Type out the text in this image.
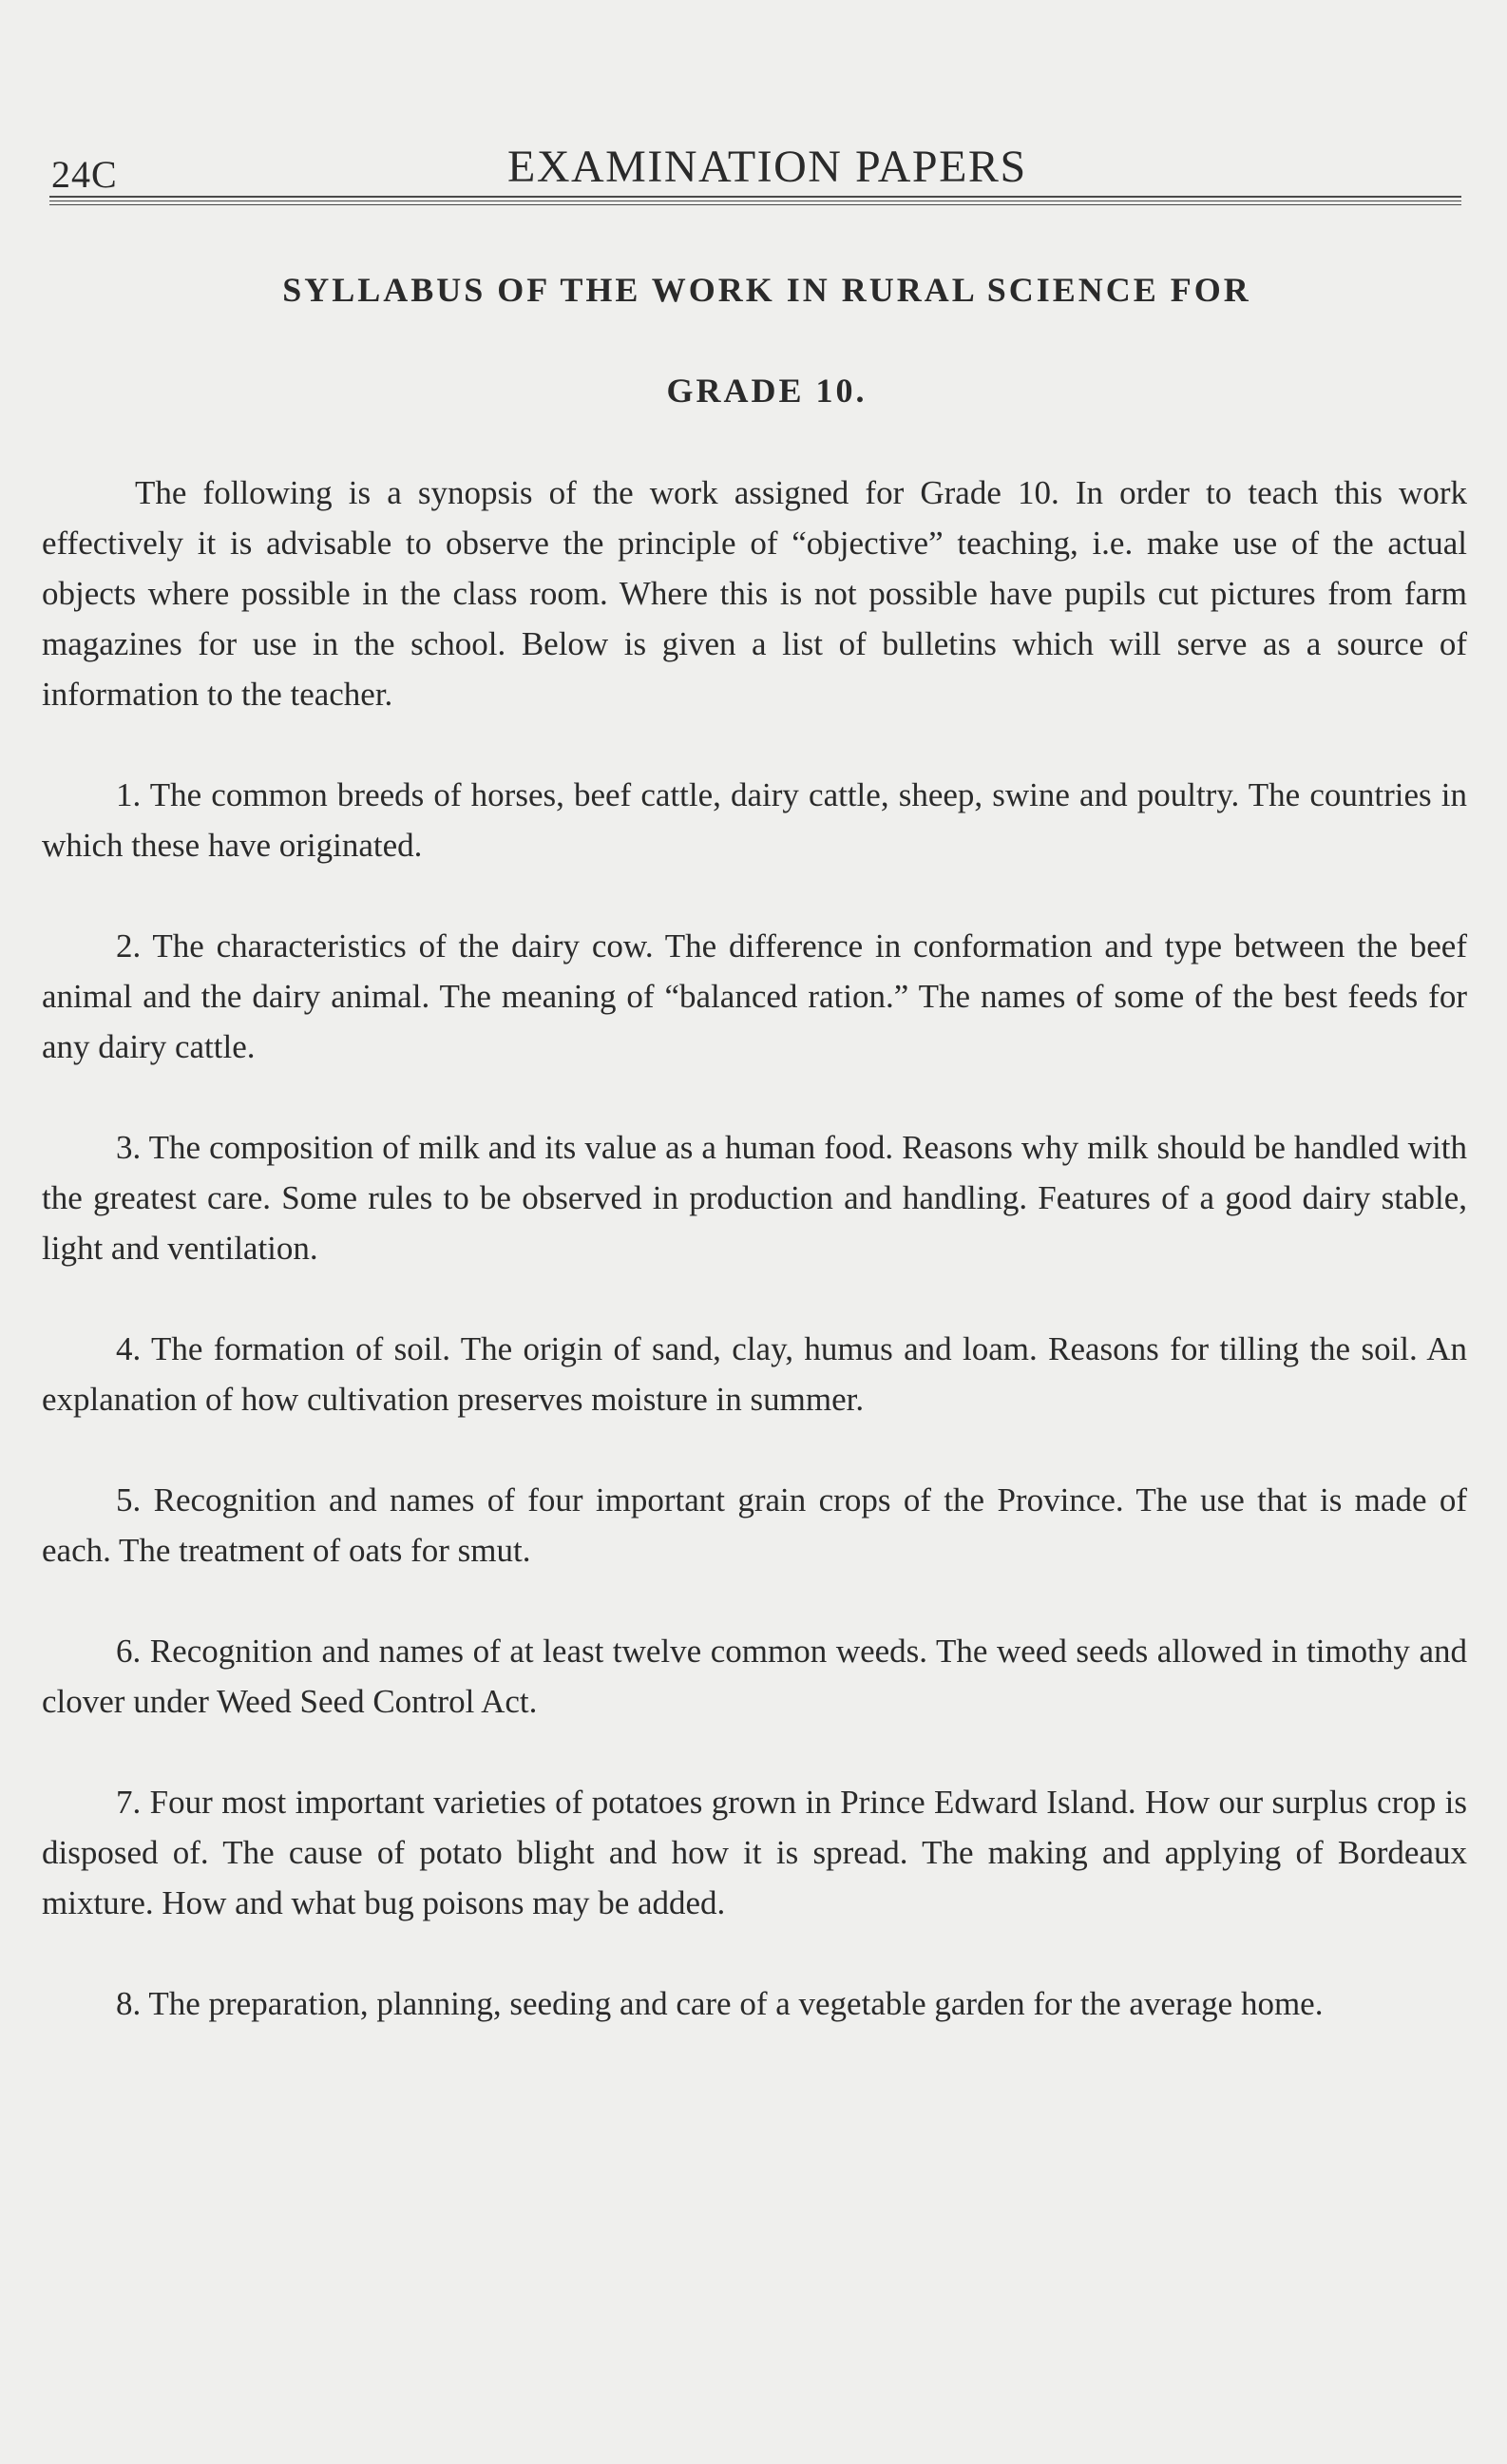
24C	EXAMINATION PAPERS
SYLLABUS OF THE WORK IN RURAL SCIENCE FOR
GRADE 10.

The following is a synopsis of the work assigned for Grade 10. In order to teach this work effectively it is advisable to observe the principle of “objective” teaching, i.e. make use of the actual objects where possible in the class room. Where this is not possible have pupils cut pictures from farm magazines for use in the school. Below is given a list of bulletins which will serve as a source of information to the teacher.

1. The common breeds of horses, beef cattle, dairy cattle, sheep, swine and poultry. The countries in which these have originated.

2. The characteristics of the dairy cow. The difference in conformation and type between the beef animal and the dairy animal. The meaning of “balanced ration.” The names of some of the best feeds for any dairy cattle.

3. The composition of milk and its value as a human food. Reasons why milk should be handled with the greatest care. Some rules to be observed in production and handling. Features of a good dairy stable, light and ventilation.

4. The formation of soil. The origin of sand, clay, humus and loam. Reasons for tilling the soil. An explanation of how cultivation preserves moisture in summer.

5. Recognition and names of four important grain crops of the Province. The use that is made of each. The treatment of oats for smut.

6. Recognition and names of at least twelve common weeds. The weed seeds allowed in timothy and clover under Weed Seed Control Act.

7. Four most important varieties of potatoes grown in Prince Edward Island. How our surplus crop is disposed of. The cause of potato blight and how it is spread. The making and applying of Bordeaux mixture. How and what bug poisons may be added.

8. The preparation, planning, seeding and care of a vegetable garden for the average home.
